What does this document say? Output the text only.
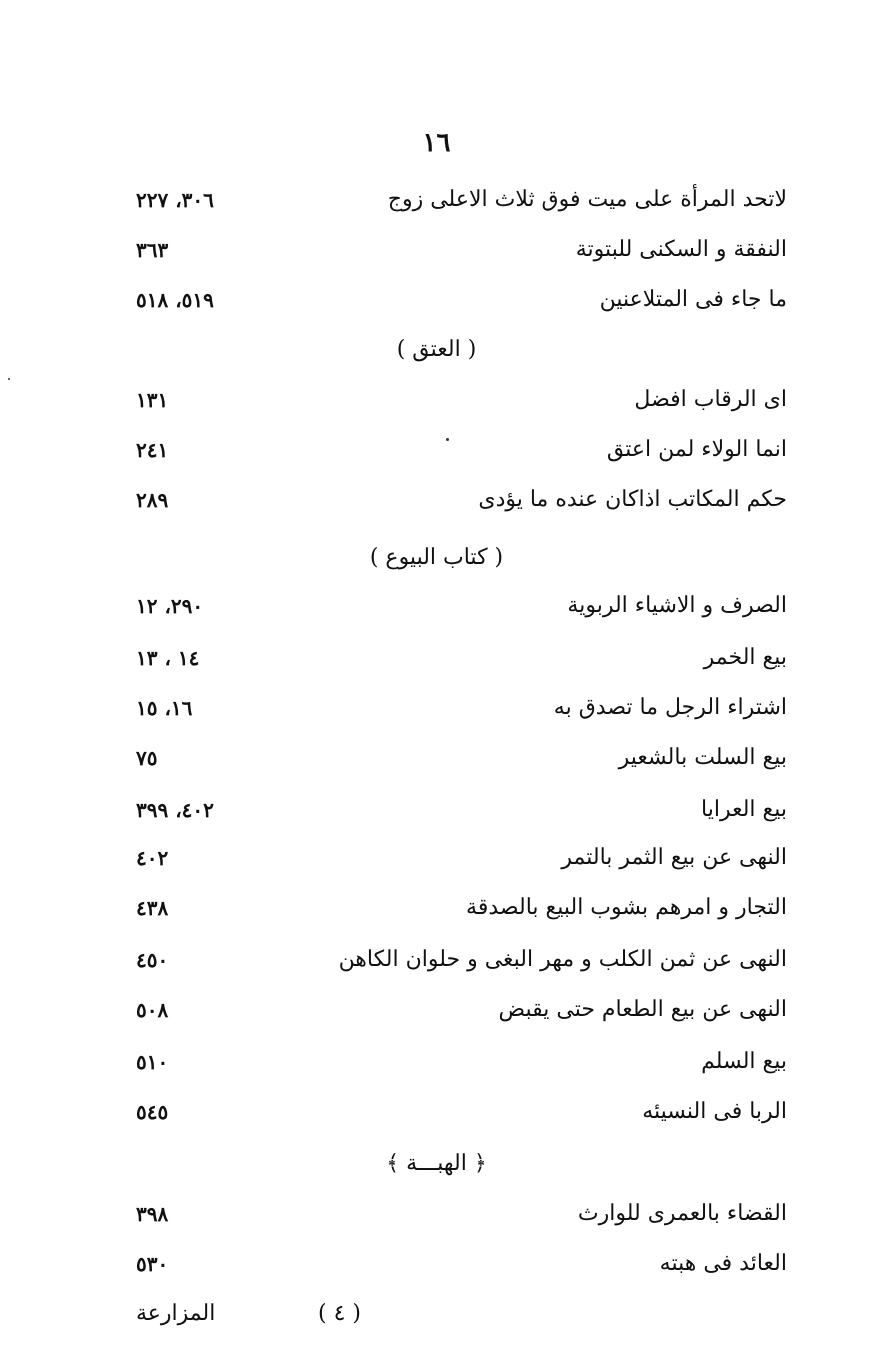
١٦
لاتحد المرأة على ميت فوق ثلاث الاعلى زوج
٣٠٦، ٢٢٧
النفقة و السكنى للبتوتة
٣٦٣
ما جاء فى المتلاعنين
٥١٩، ٥١٨
( العتق )
اى الرقاب افضل
١٣١
انما الولاء لمن اعتق
٢٤١
حكم المكاتب اذاكان عنده ما يؤدى
٢٨٩
( كتاب البيوع )
الصرف و الاشياء الربوية
٢٩٠، ١٢
بيع الخمر
١٤ ، ١٣
اشتراء الرجل ما تصدق به
١٦، ١٥
بيع السلت بالشعير
٧٥
بيع العرايا
٤٠٢، ٣٩٩
النهى عن بيع الثمر بالتمر
٤٠٢
التجار و امرهم بشوب البيع بالصدقة
٤٣٨
النهى عن ثمن الكلب و مهر البغى و حلوان الكاهن
٤٥٠
النهى عن بيع الطعام حتى يقبض
٥٠٨
بيع السلم
٥١٠
الربا فى النسيئه
٥٤٥
﴿ الهبـــة ﴾
القضاء بالعمرى للوارث
٣٩٨
العائد فى هبته
٥٣٠
( ٤ )
المزارعة
